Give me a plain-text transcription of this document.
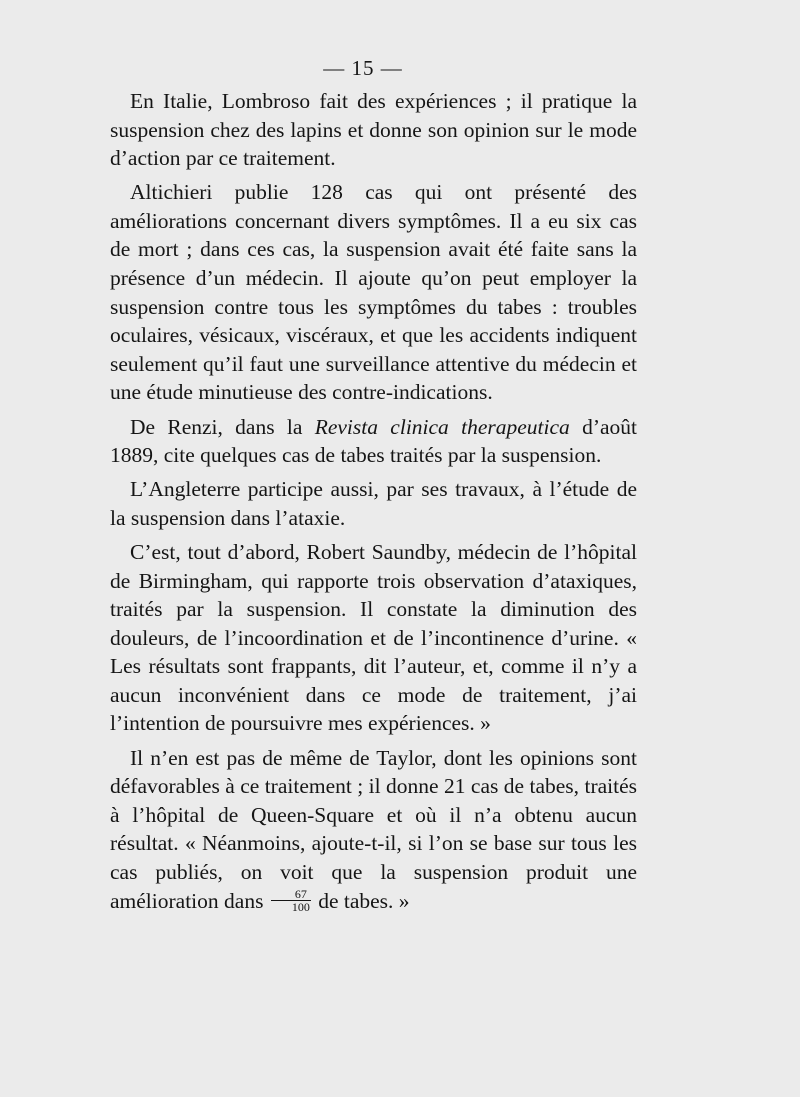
— 15 —

En Italie, Lombroso fait des expériences ; il pratique la suspension chez des lapins et donne son opinion sur le mode d’action par ce traitement.

Altichieri publie 128 cas qui ont présenté des améliorations concernant divers symptômes. Il a eu six cas de mort ; dans ces cas, la suspension avait été faite sans la présence d’un médecin. Il ajoute qu’on peut employer la suspension contre tous les symptômes du tabes : troubles oculaires, vésicaux, viscéraux, et que les accidents indiquent seulement qu’il faut une surveillance attentive du médecin et une étude minutieuse des contre-indications.

De Renzi, dans la Revista clinica therapeutica d’août 1889, cite quelques cas de tabes traités par la suspension.

L’Angleterre participe aussi, par ses travaux, à l’étude de la suspension dans l’ataxie.

C’est, tout d’abord, Robert Saundby, médecin de l’hôpital de Birmingham, qui rapporte trois observation d’ataxiques, traités par la suspension. Il constate la diminution des douleurs, de l’incoordination et de l’incontinence d’urine. « Les résultats sont frappants, dit l’auteur, et, comme il n’y a aucun inconvénient dans ce mode de traitement, j’ai l’intention de poursuivre mes expériences. »

Il n’en est pas de même de Taylor, dont les opinions sont défavorables à ce traitement ; il donne 21 cas de tabes, traités à l’hôpital de Queen-Square et où il n’a obtenu aucun résultat. « Néanmoins, ajoute-t-il, si l’on se base sur tous les cas publiés, on voit que la suspension produit une amélioration dans $\frac{67}{100}$ de tabes. »
